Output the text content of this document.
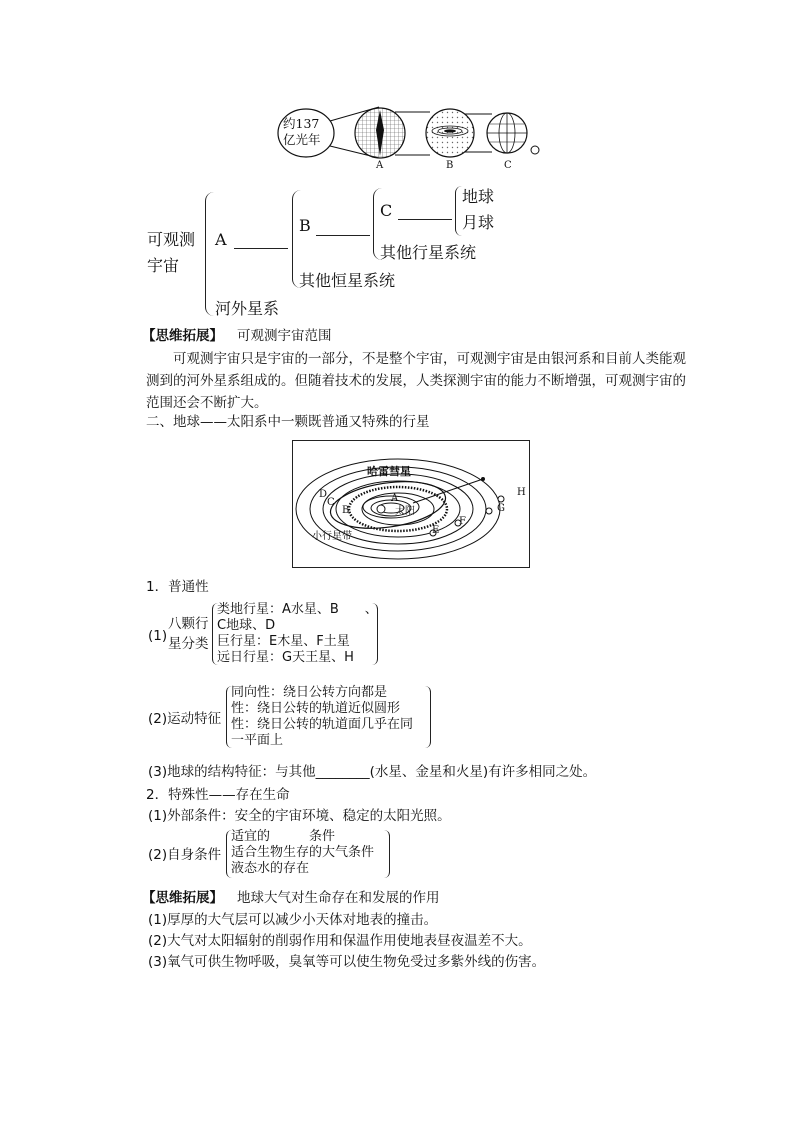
约137
亿光年
A	B	C
可观测
宇宙
A
B
C
地球
月球
其他行星系统
其他恒星系统
河外星系
【思维拓展】 可观测宇宙范围
可观测宇宙只是宇宙的一部分，不是整个宇宙，可观测宇宙是由银河系和目前人类能观测到的河外星系组成的。但随着技术的发展，人类探测宇宙的能力不断增强，可观测宇宙的范围还会不断扩大。
二、地球——太阳系中一颗既普通又特殊的行星
哈雷彗星
太阳
小行星带
A
B
C
D
E
F
G
H
1．普通性
(1)
八颗行
星分类
类地行星：A水星、B　　、
C地球、D
巨行星：E木星、F土星
远日行星：G天王星、H
(2)运动特征
同向性：绕日公转方向都是
性：绕日公转的轨道近似圆形
性：绕日公转的轨道面几乎在同
一平面上
(3)地球的结构特征：与其他________(水星、金星和火星)有许多相同之处。
2．特殊性——存在生命
(1)外部条件：安全的宇宙环境、稳定的太阳光照。
(2)自身条件
适宜的　　　条件
适合生物生存的大气条件
液态水的存在
【思维拓展】 地球大气对生命存在和发展的作用
(1)厚厚的大气层可以减少小天体对地表的撞击。
(2)大气对太阳辐射的削弱作用和保温作用使地表昼夜温差不大。
(3)氧气可供生物呼吸，臭氧等可以使生物免受过多紫外线的伤害。
